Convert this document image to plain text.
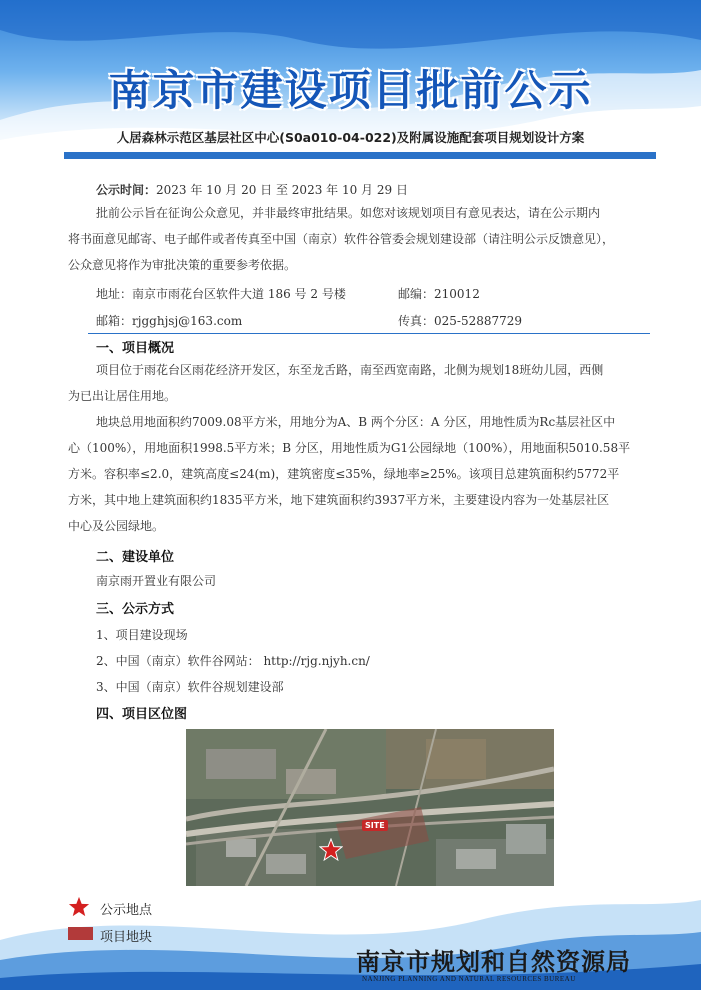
南京市建设项目批前公示
人居森林示范区基层社区中心(S0a010-04-022)及附属设施配套项目规划设计方案
公示时间：2023 年 10 月 20 日 至 2023 年 10 月 29 日
批前公示旨在征询公众意见，并非最终审批结果。如您对该规划项目有意见表达，请在公示期内
将书面意见邮寄、电子邮件或者传真至中国（南京）软件谷管委会规划建设部（请注明公示反馈意见），
公众意见将作为审批决策的重要参考依据。
地址：南京市雨花台区软件大道 186 号 2 号楼	邮编：210012
邮箱：rjgghjsj@163.com	传真：025-52887729
一、项目概况
项目位于雨花台区雨花经济开发区，东至龙舌路，南至西宽南路，北侧为规划18班幼儿园，西侧
为已出让居住用地。
地块总用地面积约7009.08平方米，用地分为A、B 两个分区：A 分区，用地性质为Rc基层社区中
心（100%），用地面积1998.5平方米；B 分区，用地性质为G1公园绿地（100%），用地面积5010.58平
方米。容积率≤2.0，建筑高度≤24(m)，建筑密度≤35%，绿地率≥25%。该项目总建筑面积约5772平
方米，其中地上建筑面积约1835平方米，地下建筑面积约3937平方米，主要建设内容为一处基层社区
中心及公园绿地。
二、建设单位
南京雨开置业有限公司
三、公示方式
1、项目建设现场
2、中国（南京）软件谷网站： http://rjg.njyh.cn/
3、中国（南京）软件谷规划建设部
四、项目区位图
SITE
公示地点
项目地块
南京市规划和自然资源局
NANJING PLANNING AND NATURAL RESOURCES BUREAU
